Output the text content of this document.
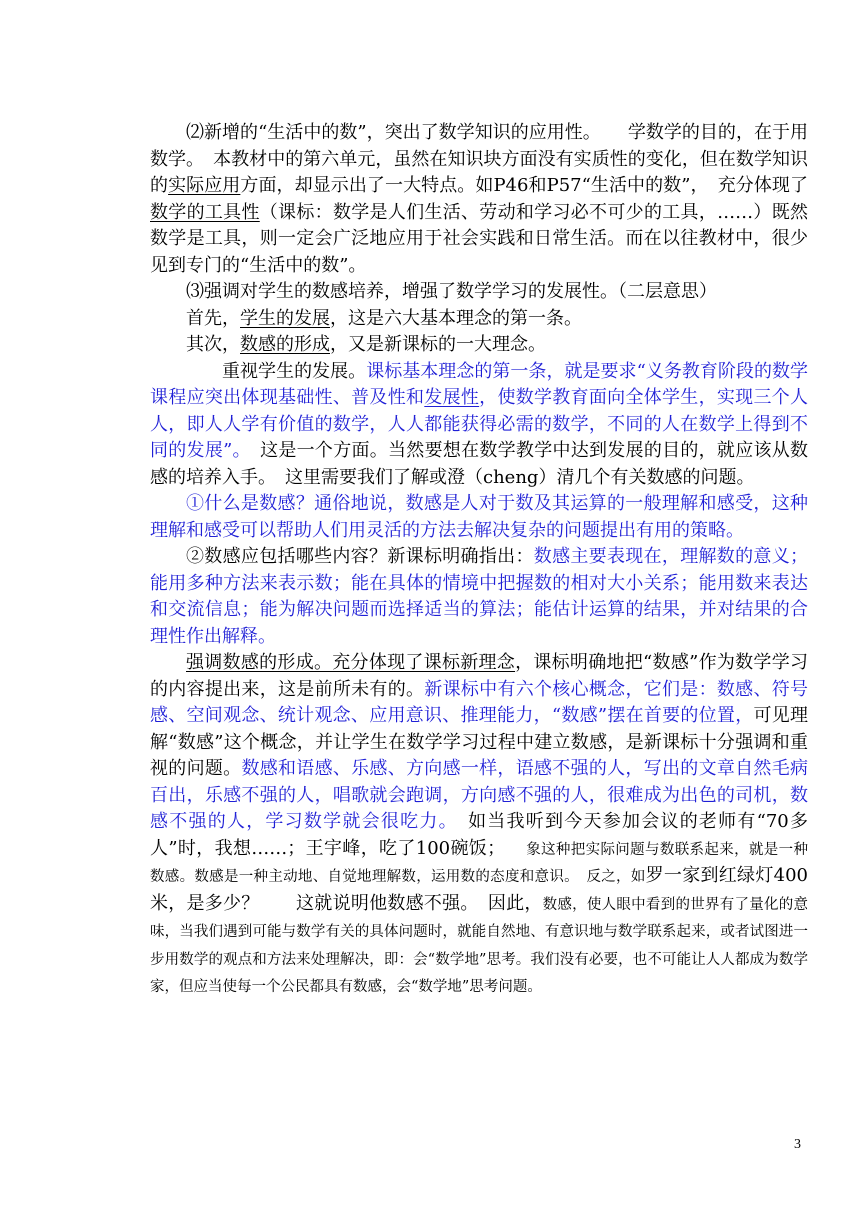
⑵新增的“生活中的数”，突出了数学知识的应用性。　　学数学的目的，在于用数学。　本教材中的第六单元，虽然在知识块方面没有实质性的变化，但在数学知识的实际应用方面，却显示出了一大特点。如P46和P57“生活中的数”，　充分体现了数学的工具性（课标：数学是人们生活、劳动和学习必不可少的工具，……）既然数学是工具，则一定会广泛地应用于社会实践和日常生活。而在以往教材中，很少见到专门的“生活中的数”。

⑶强调对学生的数感培养，增强了数学学习的发展性。（二层意思）

首先，学生的发展，这是六大基本理念的第一条。

其次，数感的形成，又是新课标的一大理念。

重视学生的发展。课标基本理念的第一条，就是要求“义务教育阶段的数学课程应突出体现基础性、普及性和发展性，使数学教育面向全体学生，实现三个人人，即人人学有价值的数学，人人都能获得必需的数学，不同的人在数学上得到不同的发展”。　这是一个方面。当然要想在数学教学中达到发展的目的，就应该从数感的培养入手。　这里需要我们了解或澄（cheng）清几个有关数感的问题。

①什么是数感？通俗地说，数感是人对于数及其运算的一般理解和感受，这种理解和感受可以帮助人们用灵活的方法去解决复杂的问题提出有用的策略。

②数感应包括哪些内容？新课标明确指出：数感主要表现在，理解数的意义；能用多种方法来表示数；能在具体的情境中把握数的相对大小关系；能用数来表达和交流信息；能为解决问题而选择适当的算法；能估计运算的结果，并对结果的合理性作出解释。

强调数感的形成。充分体现了课标新理念，课标明确地把“数感”作为数学学习的内容提出来，这是前所未有的。新课标中有六个核心概念，它们是：数感、符号感、空间观念、统计观念、应用意识、推理能力，“数感”摆在首要的位置，可见理解“数感”这个概念，并让学生在数学学习过程中建立数感，是新课标十分强调和重视的问题。数感和语感、乐感、方向感一样，语感不强的人，写出的文章自然毛病百出，乐感不强的人，唱歌就会跑调，方向感不强的人，很难成为出色的司机，数感不强的人，学习数学就会很吃力。　如当我听到今天参加会议的老师有“70多人”时，我想……；王宇峰，吃了100碗饭；　　象这种把实际问题与数联系起来，就是一种数感。数感是一种主动地、自觉地理解数，运用数的态度和意识。　反之，如罗一家到红绿灯400米，是多少？　　这就说明他数感不强。　因此，数感，使人眼中看到的世界有了量化的意味，当我们遇到可能与数学有关的具体问题时，就能自然地、有意识地与数学联系起来，或者试图进一步用数学的观点和方法来处理解决，即：会“数学地”思考。我们没有必要，也不可能让人人都成为数学家，但应当使每一个公民都具有数感，会“数学地”思考问题。

3
